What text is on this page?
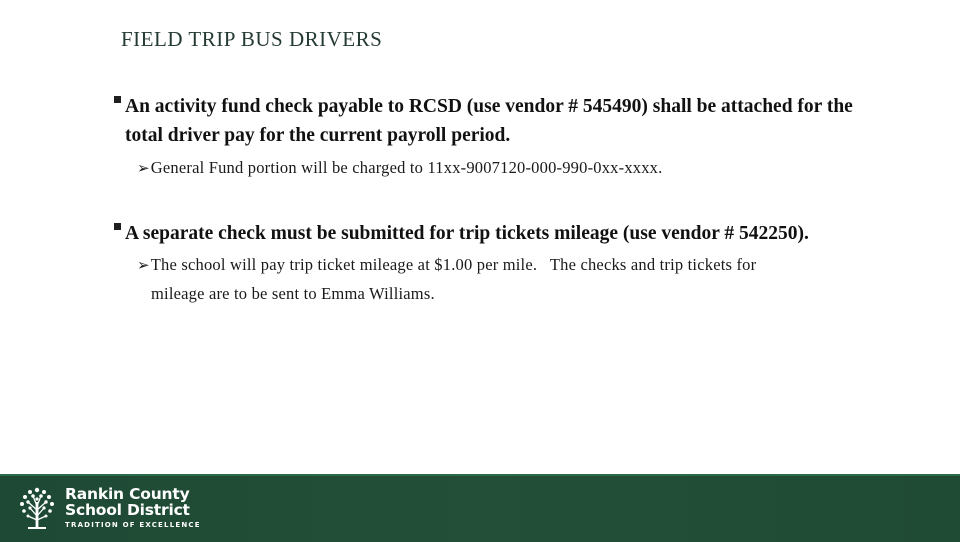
FIELD TRIP BUS DRIVERS
An activity fund check payable to RCSD (use vendor # 545490) shall be attached for the
total driver pay for the current payroll period.
➢General Fund portion will be charged to 11xx-9007120-000-990-0xx-xxxx.
A separate check must be submitted for trip tickets mileage (use vendor # 542250).
➢The school will pay trip ticket mileage at $1.00 per mile.   The checks and trip tickets for
mileage are to be sent to Emma Williams.
Rankin County
School District
TRADITION OF EXCELLENCE
